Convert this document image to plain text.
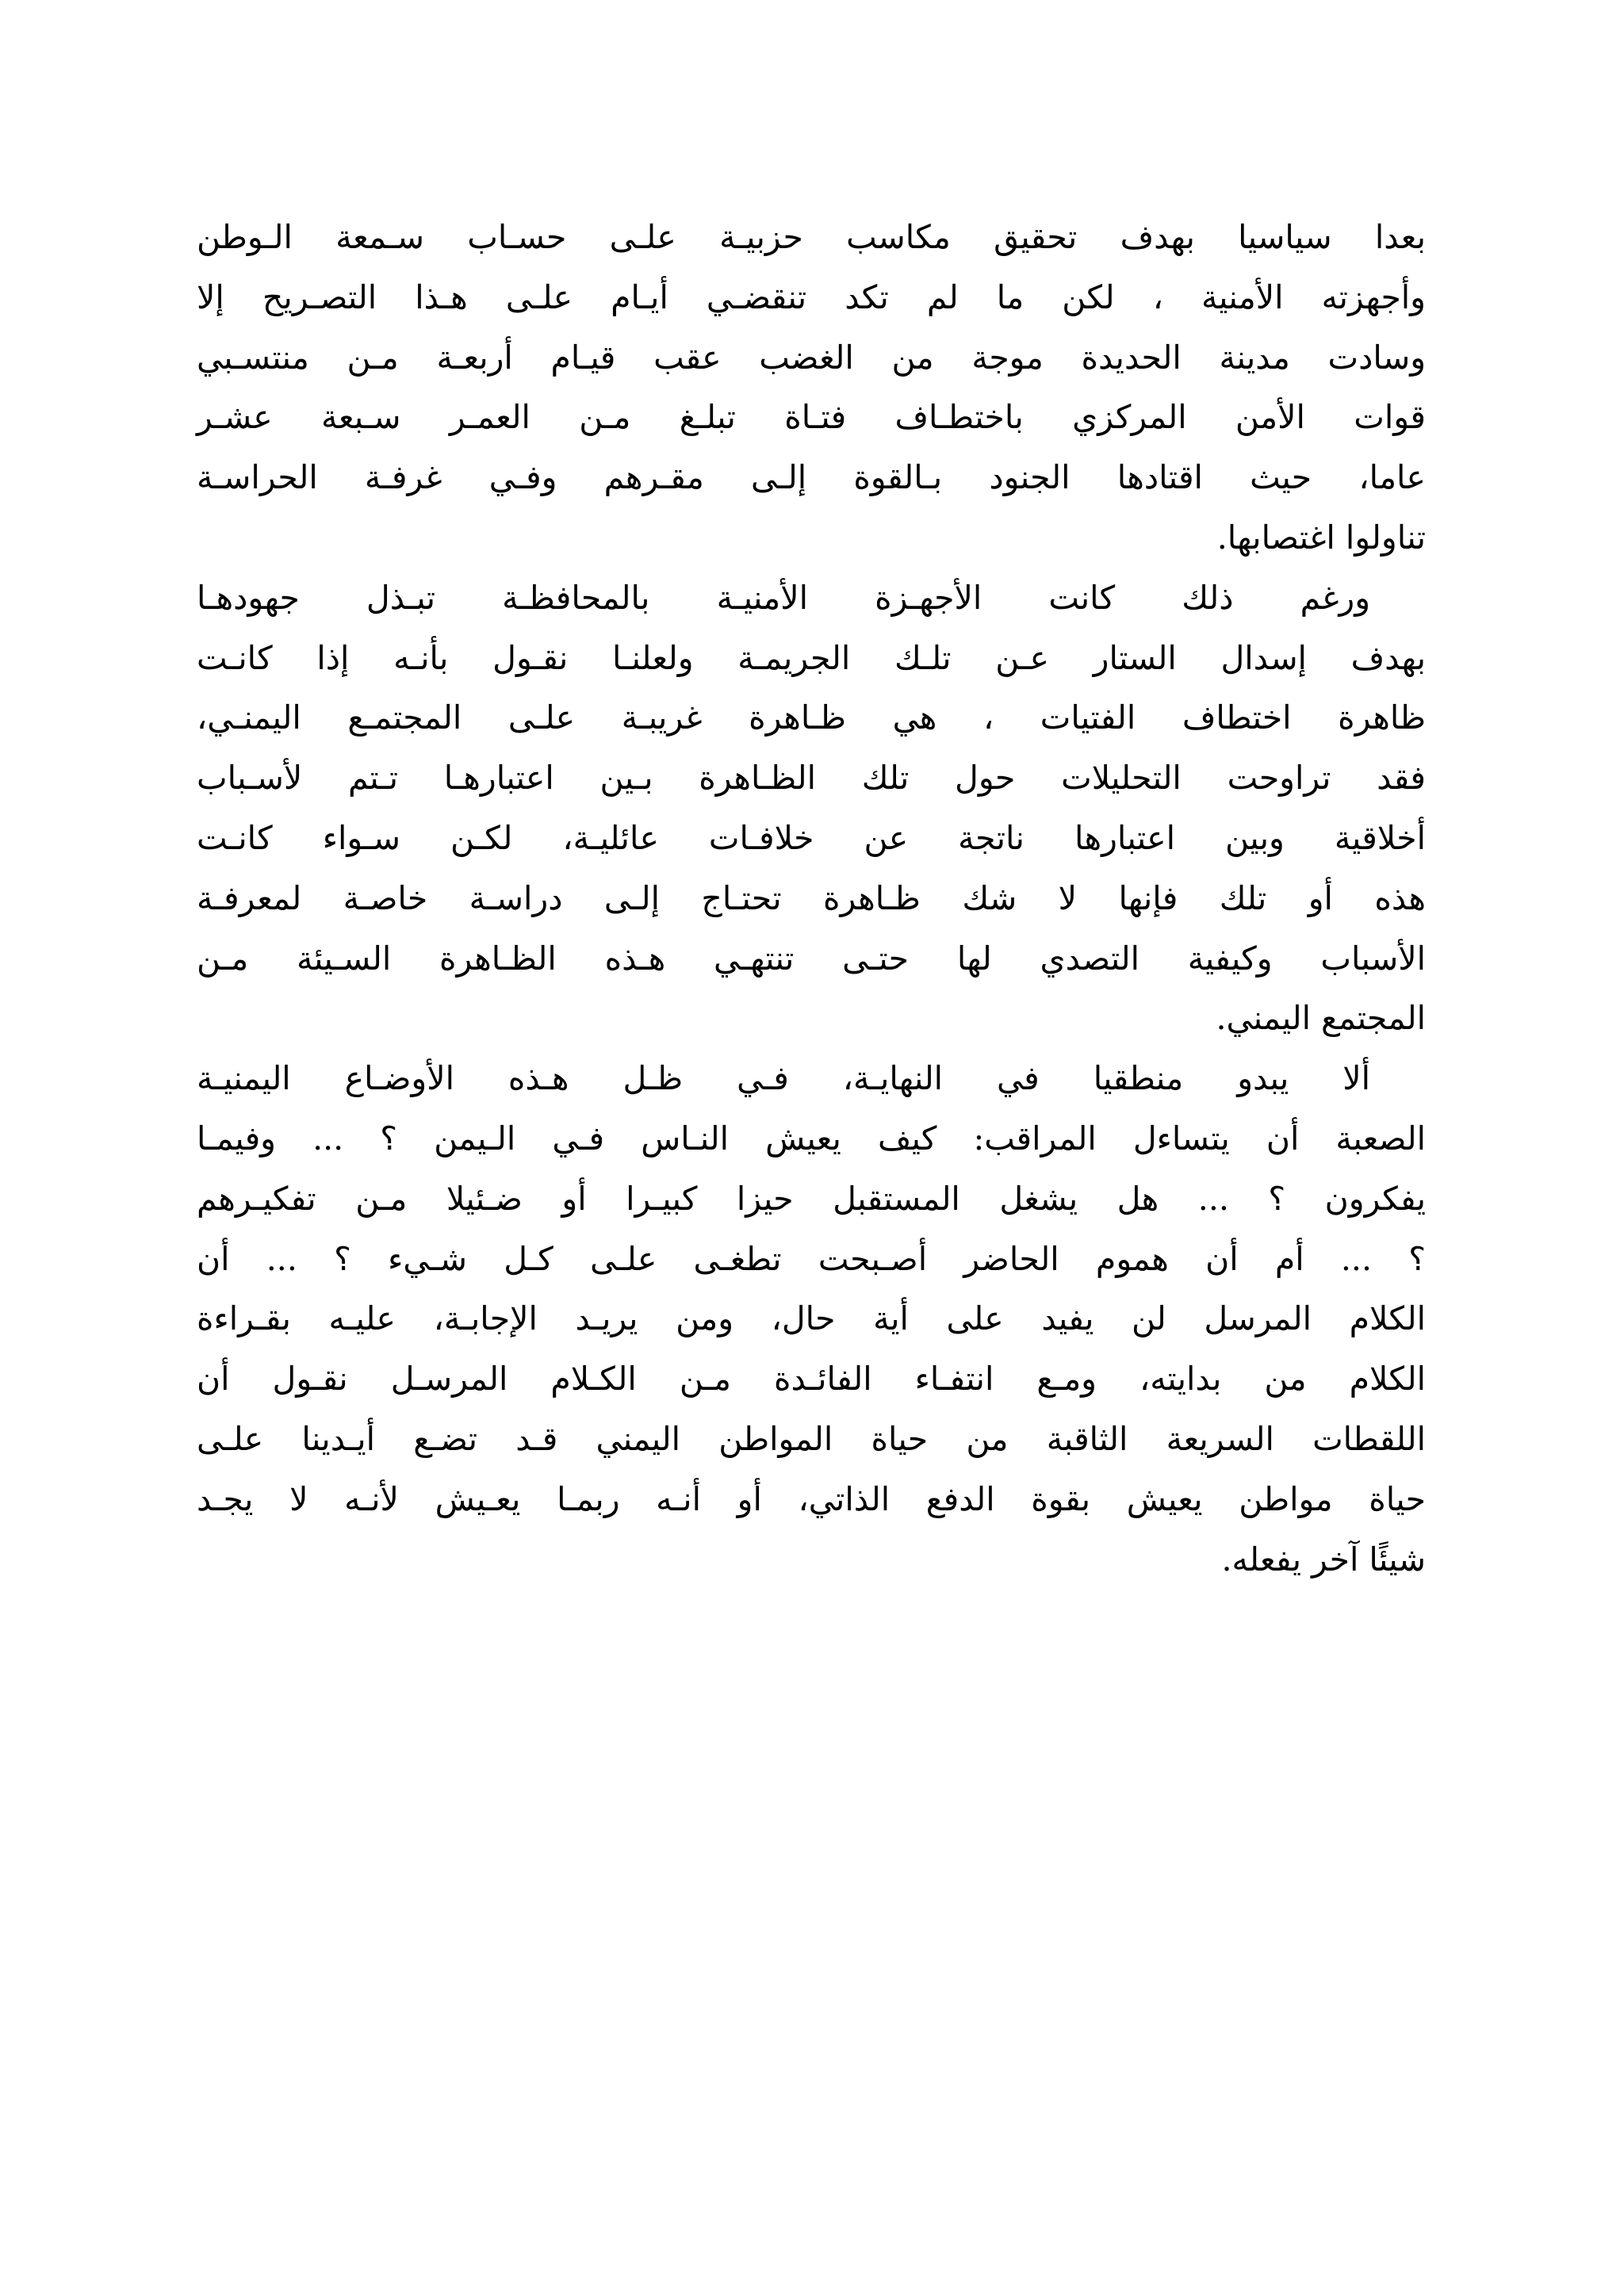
بعدا سياسيا بهدف تحقيق مكاسب حزبيـة علـى حسـاب سـمعة الـوطن
وأجهزته الأمنية ، لكن ما لم تكد تنقضـي أيـام علـى هـذا التصـريح إلا
وسادت مدينة الحديدة موجة من الغضب عقب قيـام أربعـة مـن منتسـبي
قوات الأمن المركزي باختطـاف فتـاة تبلـغ مـن العمـر سـبعة عشـر
عاما، حيث اقتادها الجنود بـالقوة إلـى مقـرهم وفـي غرفـة الحراسـة
تناولوا اغتصابها.
ورغم ذلك كانت الأجهـزة الأمنيـة بالمحافظـة تبـذل جهودهـا
بهدف إسدال الستار عـن تلـك الجريمـة ولعلنـا نقـول بأنـه إذا كانـت
ظاهرة اختطاف الفتيات ، هي ظـاهرة غريبـة علـى المجتمـع اليمنـي،
فقد تراوحت التحليلات حول تلك الظـاهرة بـين اعتبارهـا تـتم لأسـباب
أخلاقية وبين اعتبارها ناتجة عن خلافـات عائليـة، لكـن سـواء كانـت
هذه أو تلك فإنها لا شك ظـاهرة تحتـاج إلـى دراسـة خاصـة لمعرفـة
الأسباب وكيفية التصدي لها حتـى تنتهـي هـذه الظـاهرة السـيئة مـن
المجتمع اليمني.
ألا يبدو منطقيا في النهايـة، فـي ظـل هـذه الأوضـاع اليمنيـة
الصعبة أن يتساءل المراقب: كيف يعيش النـاس فـي الـيمن ؟ ... وفيمـا
يفكرون ؟ ... هل يشغل المستقبل حيزا كبيـرا أو ضـئيلا مـن تفكيـرهم
؟ ... أم أن هموم الحاضر أصـبحت تطغـى علـى كـل شـيء ؟ ... أن
الكلام المرسل لن يفيد على أية حال، ومن يريـد الإجابـة، عليـه بقـراءة
الكلام من بدايته، ومـع انتفـاء الفائـدة مـن الكـلام المرسـل نقـول أن
اللقطات السريعة الثاقبة من حياة المواطن اليمني قـد تضـع أيـدينا علـى
حياة مواطن يعيش بقوة الدفع الذاتي، أو أنـه ربمـا يعـيش لأنـه لا يجـد
شيئًا آخر يفعله.
